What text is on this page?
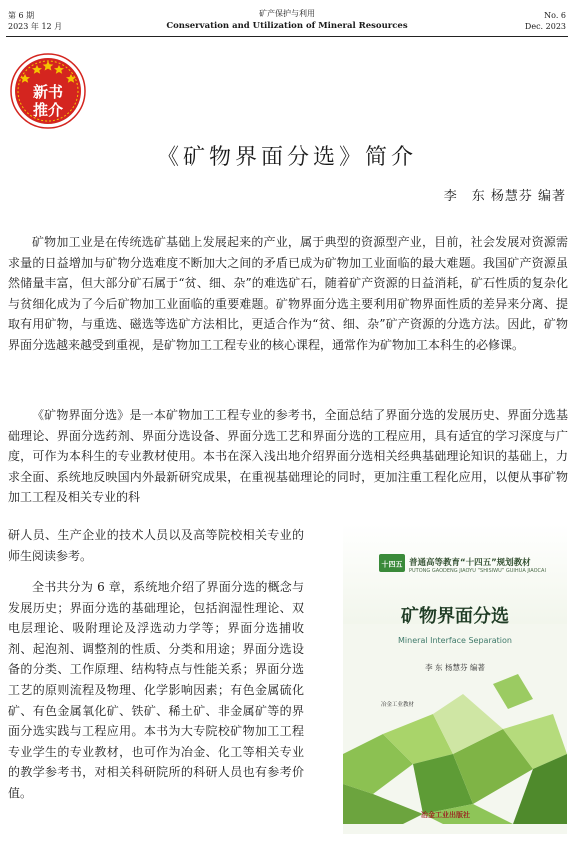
第 6 期
2023 年 12 月
矿产保护与利用
Conservation and Utilization of Mineral Resources
No. 6
Dec. 2023
新书
推介
《矿物界面分选》简介
李　东 杨慧芬 编著
矿物加工业是在传统选矿基础上发展起来的产业，属于典型的资源型产业，目前，社会发展对资源需求量的日益增加与矿物分选难度不断加大之间的矛盾已成为矿物加工业面临的最大难题。我国矿产资源虽然储量丰富，但大部分矿石属于“贫、细、杂”的难选矿石，随着矿产资源的日益消耗，矿石性质的复杂化与贫细化成为了今后矿物加工业面临的重要难题。矿物界面分选主要利用矿物界面性质的差异来分离、提取有用矿物，与重选、磁选等选矿方法相比，更适合作为“贫、细、杂”矿产资源的分选方法。因此，矿物界面分选越来越受到重视，是矿物加工工程专业的核心课程，通常作为矿物加工本科生的必修课。
《矿物界面分选》是一本矿物加工工程专业的参考书，全面总结了界面分选的发展历史、界面分选基础理论、界面分选药剂、界面分选设备、界面分选工艺和界面分选的工程应用，具有适宜的学习深度与广度，可作为本科生的专业教材使用。本书在深入浅出地介绍界面分选相关经典基础理论知识的基础上，力求全面、系统地反映国内外最新研究成果，在重视基础理论的同时，更加注重工程化应用，以便从事矿物加工工程及相关专业的科
研人员、生产企业的技术人员以及高等院校相关专业的师生阅读参考。
全书共分为 6 章，系统地介绍了界面分选的概念与发展历史；界面分选的基础理论，包括润湿性理论、双电层理论、吸附理论及浮选动力学等；界面分选捕收剂、起泡剂、调整剂的性质、分类和用途；界面分选设备的分类、工作原理、结构特点与性能关系；界面分选工艺的原则流程及物理、化学影响因素；有色金属硫化矿、有色金属氧化矿、铁矿、稀土矿、非金属矿等的界面分选实践与工程应用。本书为大专院校矿物加工工程专业学生的专业教材，也可作为冶金、化工等相关专业的教学参考书，对相关科研院所的科研人员也有参考价值。
十四五 普通高等教育“十四五”规划教材
PUTONG GAODENG JIAOYU “SHISIWU” GUIHUA JIAOCAI
矿物界面分选
Mineral Interface Separation
李 东 杨慧芬 编著
冶金工业教材
冶金工业出版社
